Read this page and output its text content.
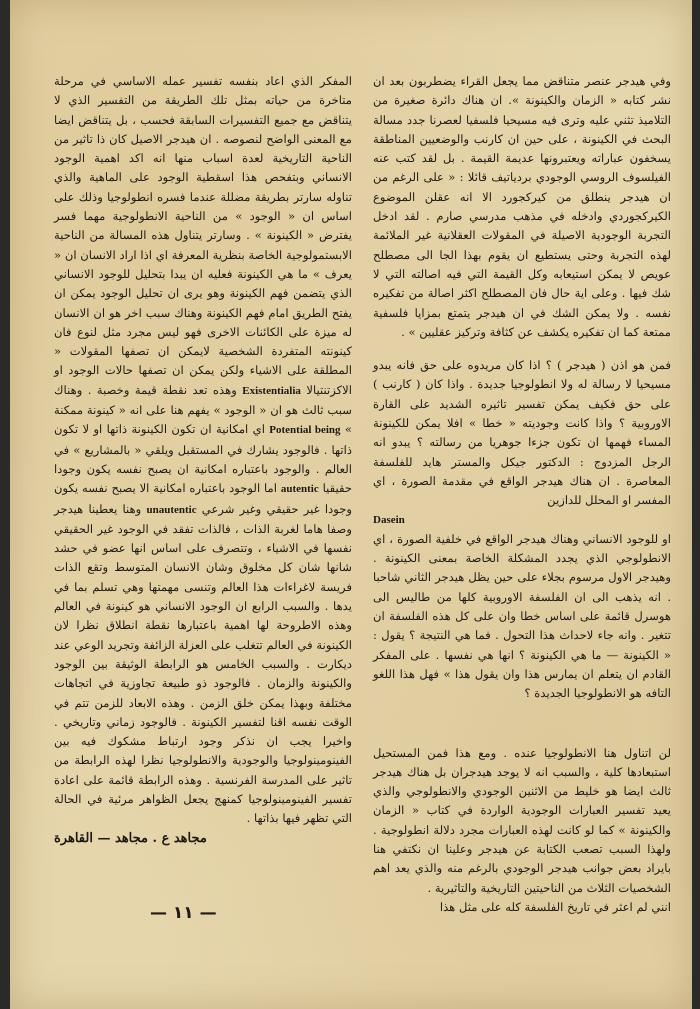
وفي هيدجر عنصر متناقض مما يجعل القراء يضطربون بعد ان نشر كتابه « الزمان والكينونة ». ان هناك دائرة صغيرة من التلاميذ تثني عليه وترى فيه مسيحيا فلسفيا لعصرنا جدد مسالة البحث في الكينونة ، على حين ان كارنب والوضعيين المناطقة يسخفون عباراته ويعتبرونها عديمة القيمة . بل لقد كتب عنه الفيلسوف الروسي الوجودي بردياتيف قائلا : « على الرغم من ان هيدجر ينطلق من كيركجورد الا انه عقلن الموضوع الكيركجوردي وادخله في مذهب مدرسي صارم . لقد ادخل التجربة الوجودية الاصيلة في المقولات العقلانية غير الملائمة لهذه التجربة وحتى يستطيع ان يقوم بهذا الجا الى مصطلح عويص لا يمكن استيعابه وكل القيمة التي فيه اصالته التي لا شك فيها . وعلى اية حال فان المصطلح اكثر اصالة من تفكيره نفسه . ولا يمكن الشك في ان هيدجر يتمتع بمزايا فلسفية ممتعة كما ان تفكيره يكشف عن كثافة وتركيز عقليين » .

فمن هو اذن ( هيدجر ) ؟ اذا كان مريدوه على حق فانه يبدو مسيحيا لا رسالة له ولا انطولوجيا جديدة . واذا كان ( كارنب ) على حق فكيف يمكن تفسير تاثيره الشديد على القارة الاوروبية ؟ واذا كانت وجوديته « خطا » افلا يمكن للكينونة المساء فهمها ان تكون جزءا جوهريا من رسالته ؟ يبدو انه الرجل المزدوج : الدكتور جيكل والمستر هايد للفلسفة المعاصرة . ان هناك هيدجر الواقع في مقدمة الصورة ، اي المفسر او المحلل للدازين

Dasein

او للوجود الانساني وهناك هيدجر الواقع في خلفية الصورة ، اي الانطولوجي الذي يجدد المشكلة الخاصة بمعنى الكينونة . وهيدجر الاول مرسوم بجلاء على حين يظل هيدجر الثاني شاحبا . انه يذهب الى ان الفلسفة الاوروبية كلها من طاليس الى هوسرل قائمة على اساس خطا وان على كل هذه الفلسفة ان تتغير . وانه جاء لاحداث هذا التحول . فما هي النتيجة ؟ يقول : « الكينونة — ما هي الكينونة ؟ انها هي نفسها . على المفكر القادم ان يتعلم ان يمارس هذا وان يقول هذا » فهل هذا اللغو التافه هو الانطولوجيا الجديدة ؟

لن اتناول هنا الانطولوجيا عنده . ومع هذا فمن المستحيل استبعادها كلية ، والسبب انه لا يوجد هيدجران بل هناك هيدجر ثالث ايضا هو خليط من الاثنين الوجودي والانطولوجي والذي يعيد تفسير العبارات الوجودية الواردة في كتاب « الزمان والكينونة » كما لو كانت لهذه العبارات مجرد دلالة انطولوجية . ولهذا السبب تصعب الكتابة عن هيدجر وعلينا ان نكتفي هنا بايراد بعض جوانب هيدجر الوجودي بالرغم منه والذي يعد اهم الشخصيات الثلاث من الناحيتين التاريخية والتاثيرية .

انني لم اعثر في تاريخ الفلسفة كله على مثل هذا

المفكر الذي اعاد بنفسه تفسير عمله الاساسي في مرحلة متاخرة من حياته بمثل تلك الطريقة من التفسير الذي لا يتناقض مع جميع التفسيرات السابقة فحسب ، بل يتناقض ايضا مع المعنى الواضح لنصوصه . ان هيدجر الاصيل كان ذا تاثير من الناحية التاريخية لعدة اسباب منها انه اكد اهمية الوجود الانساني وبتفحص هذا اسقطية الوجود على الماهية والذي تناوله سارتر بطريقة مضللة عندما فسره انطولوجيا وذلك على اساس ان « الوجود » من الناحية الانطولوجية مهما فسر يفترض « الكينونة » . وسارتر يتناول هذه المسالة من الناحية الابستمولوجية الخاصة بنظرية المعرفة اي اذا اراد الانسان ان « يعرف » ما هي الكينونة فعليه ان يبدا بتحليل للوجود الانساني الذي يتضمن فهم الكينونة وهو يرى ان تحليل الوجود يمكن ان يفتح الطريق امام فهم الكينونة وهناك سبب اخر هو ان الانسان له ميزة على الكائنات الاخرى فهو ليس مجرد مثل لنوع فان كينونته المتفردة الشخصية لايمكن ان تصفها المقولات « المطلقة على الاشياء ولكن يمكن ان تصفها حالات الوجود او الاكزتنتيالا Existentialia وهذه تعد نقطة قيمة وخصبة . وهناك سبب ثالث هو ان « الوجود » يفهم هنا على انه « كينونة ممكنة » Potential being اي امكانية ان تكون الكينونة ذاتها او لا تكون ذاتها . فالوجود يشارك في المستقبل ويلقي « بالمشاريع » في العالم . والوجود باعتباره امكانية ان يصبح نفسه يكون وجودا حقيقيا autentic اما الوجود باعتباره امكانية الا يصبح نفسه يكون وجودا غير حقيقي وغير شرعي unautentic وهنا يعطينا هيدجر وصفا هاما لغربة الذات ، فالذات تفقد في الوجود غير الحقيقي نفسها في الاشياء ، وتتصرف على اساس انها عضو في حشد شانها شان كل مخلوق وشان الانسان المتوسط وتقع الذات فريسة لاغراءات هذا العالم وتنسى مهمتها وهي تسلم بما في يدها . والسبب الرابع ان الوجود الانساني هو كينونة في العالم وهذه الاطروحة لها اهمية باعتبارها نقطة انطلاق نظرا لان الكينونة في العالم تتغلب على العزلة الزائفة وتجريد الوعي عند ديكارت . والسبب الخامس هو الرابطة الوثيقة بين الوجود والكينونة والزمان . فالوجود ذو طبيعة تجاوزية في اتجاهات مختلفة وبهذا يمكن خلق الزمن . وهذه الابعاد للزمن تتم في الوقت نفسه اقنا لتفسير الكينونة . فالوجود زماني وتاريخي . واخيرا يجب ان نذكر وجود ارتباط مشكوك فيه بين الفينومينولوجيا والوجودية والانطولوجيا نظرا لهذه الرابطة من تاثير على المدرسة الفرنسية . وهذه الرابطة قائمة على اعادة تفسير الفينومينولوجيا كمنهج يجعل الظواهر مرئية في الحالة التي تظهر فيها بذاتها .

مجاهد ع . مجاهد — القاهرة

— ١١ —
